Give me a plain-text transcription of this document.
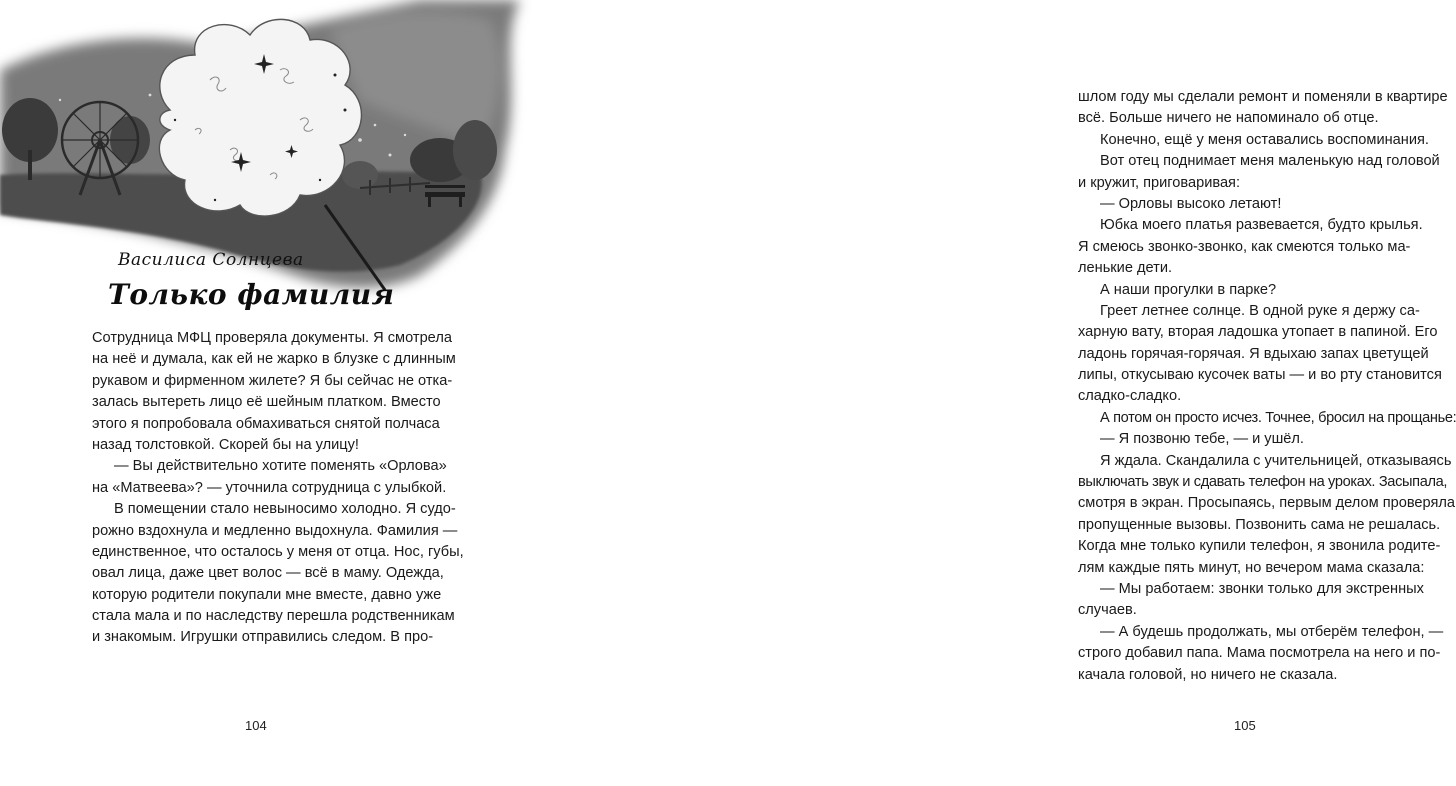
Василиса Солнцева
Только фамилия
Сотрудница МФЦ проверяла документы. Я смотрела
на неё и думала, как ей не жарко в блузке с длинным
рукавом и фирменном жилете? Я бы сейчас не отка-
залась вытереть лицо её шейным платком. Вместо
этого я попробовала обмахиваться снятой полчаса
назад толстовкой. Скорей бы на улицу!
— Вы действительно хотите поменять «Орлова»
на «Матвеева»? — уточнила сотрудница с улыбкой.
В помещении стало невыносимо холодно. Я судо-
рожно вздохнула и медленно выдохнула. Фамилия —
единственное, что осталось у меня от отца. Нос, губы,
овал лица, даже цвет волос — всё в маму. Одежда,
которую родители покупали мне вместе, давно уже
стала мала и по наследству перешла родственникам
и знакомым. Игрушки отправились следом. В про-
104
шлом году мы сделали ремонт и поменяли в квартире
всё. Больше ничего не напоминало об отце.
Конечно, ещё у меня оставались воспоминания.
Вот отец поднимает меня маленькую над головой
и кружит, приговаривая:
— Орловы высоко летают!
Юбка моего платья развевается, будто крылья.
Я смеюсь звонко-звонко, как смеются только ма-
ленькие дети.
А наши прогулки в парке?
Греет летнее солнце. В одной руке я держу са-
харную вату, вторая ладошка утопает в папиной. Его
ладонь горячая-горячая. Я вдыхаю запах цветущей
липы, откусываю кусочек ваты — и во рту становится
сладко-сладко.
А потом он просто исчез. Точнее, бросил на прощанье:
— Я позвоню тебе, — и ушёл.
Я ждала. Скандалила с учительницей, отказываясь
выключать звук и сдавать телефон на уроках. Засыпала,
смотря в экран. Просыпаясь, первым делом проверяла
пропущенные вызовы. Позвонить сама не решалась.
Когда мне только купили телефон, я звонила родите-
лям каждые пять минут, но вечером мама сказала:
— Мы работаем: звонки только для экстренных
случаев.
— А будешь продолжать, мы отберём телефон, —
строго добавил папа. Мама посмотрела на него и по-
качала головой, но ничего не сказала.
105
